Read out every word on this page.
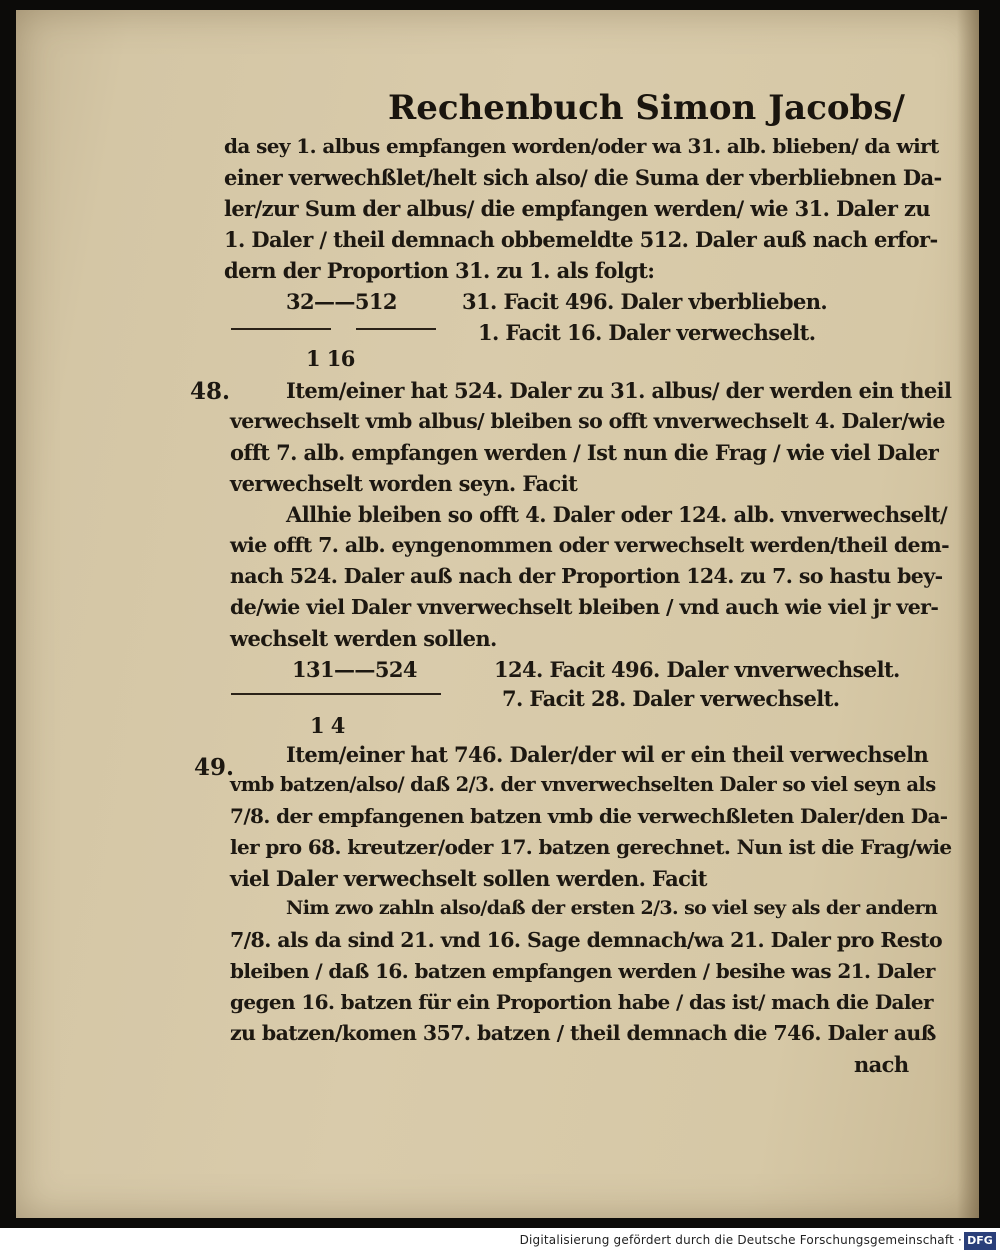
Rechenbuch Simon Jacobs/
da sey 1. albus empfangen worden/oder wa 31. alb. blieben/ da wirt
einer verwechßlet/helt sich also/ die Suma der vberbliebnen Da-
ler/zur Sum der albus/ die empfangen werden/ wie 31. Daler zu
1. Daler / theil demnach obbemeldte 512. Daler auß nach erfor-
dern der Proportion 31. zu 1. als folgt:
32——512	31. Facit 496. Daler vberblieben.
1. Facit 16. Daler verwechselt.
1 16
48.	Item/einer hat 524. Daler zu 31. albus/ der werden ein theil
verwechselt vmb albus/ bleiben so offt vnverwechselt 4. Daler/wie
offt 7. alb. empfangen werden / Ist nun die Frag / wie viel Daler
verwechselt worden seyn. Facit
Allhie bleiben so offt 4. Daler oder 124. alb. vnverwechselt/
wie offt 7. alb. eyngenommen oder verwechselt werden/theil dem-
nach 524. Daler auß nach der Proportion 124. zu 7. so hastu bey-
de/wie viel Daler vnverwechselt bleiben / vnd auch wie viel jr ver-
wechselt werden sollen.
131——524	124. Facit 496. Daler vnverwechselt.
7. Facit 28. Daler verwechselt.
1 4
49. Item/einer hat 746. Daler/der wil er ein theil verwechseln
vmb batzen/also/ daß 2/3. der vnverwechselten Daler so viel seyn als
7/8. der empfangenen batzen vmb die verwechßleten Daler/den Da-
ler pro 68. kreutzer/oder 17. batzen gerechnet. Nun ist die Frag/wie
viel Daler verwechselt sollen werden. Facit
Nim zwo zahln also/daß der ersten 2/3. so viel sey als der andern
7/8. als da sind 21. vnd 16. Sage demnach/wa 21. Daler pro Resto
bleiben / daß 16. batzen empfangen werden / besihe was 21. Daler
gegen 16. batzen für ein Proportion habe / das ist/ mach die Daler
zu batzen/komen 357. batzen / theil demnach die 746. Daler auß
nach
Digitalisierung gefördert durch die Deutsche Forschungsgemeinschaft · DFG
